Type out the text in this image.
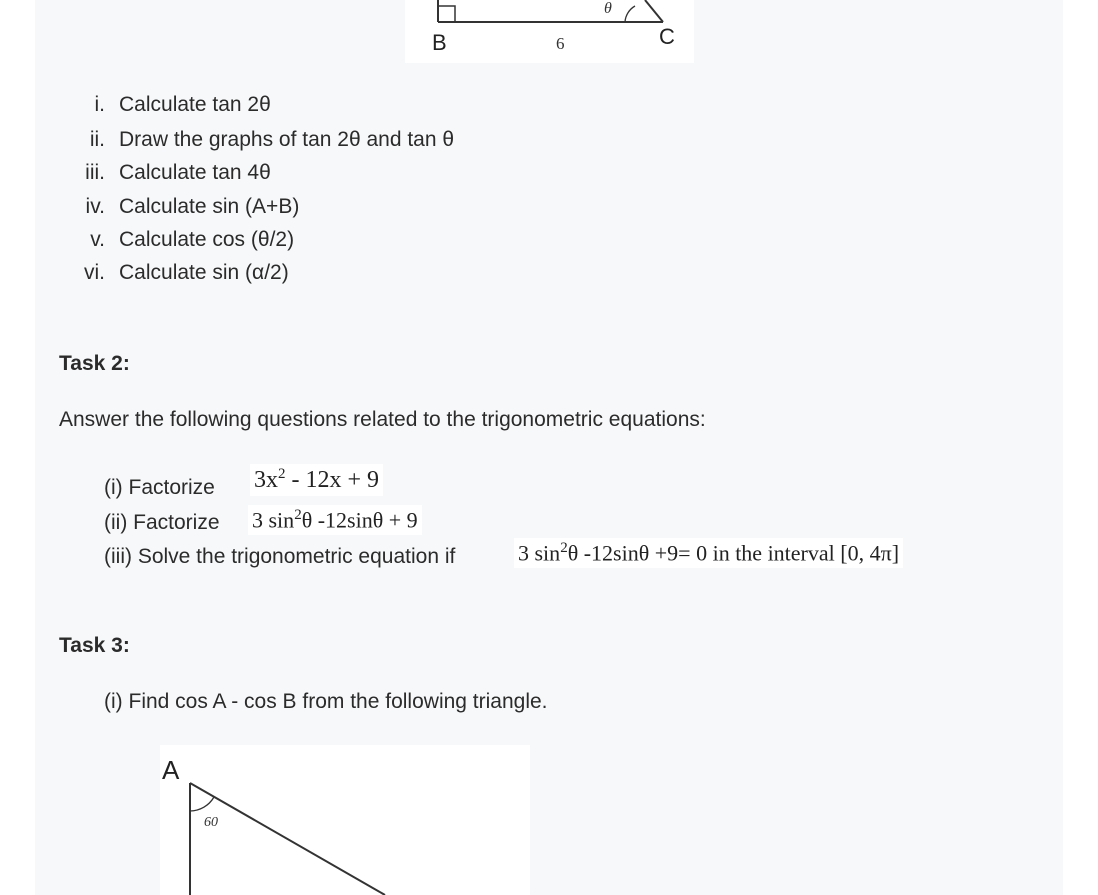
B	C
6
θ
i. Calculate tan 2θ
ii. Draw the graphs of tan 2θ and tan θ
iii. Calculate tan 4θ
iv. Calculate sin (A+B)
v. Calculate cos (θ/2)
vi. Calculate sin (α/2)
Task 2:
Answer the following questions related to the trigonometric equations:
(i) Factorize $3x^2 - 12x + 9$
(ii) Factorize 3 $\sin^2\theta$ -12sinθ + 9
(iii) Solve the trigonometric equation if	3 $\sin^2\theta$ -12sinθ +9= 0 in the interval [0, 4π]
Task 3:
(i) Find cos A - cos B from the following triangle.
A
60
